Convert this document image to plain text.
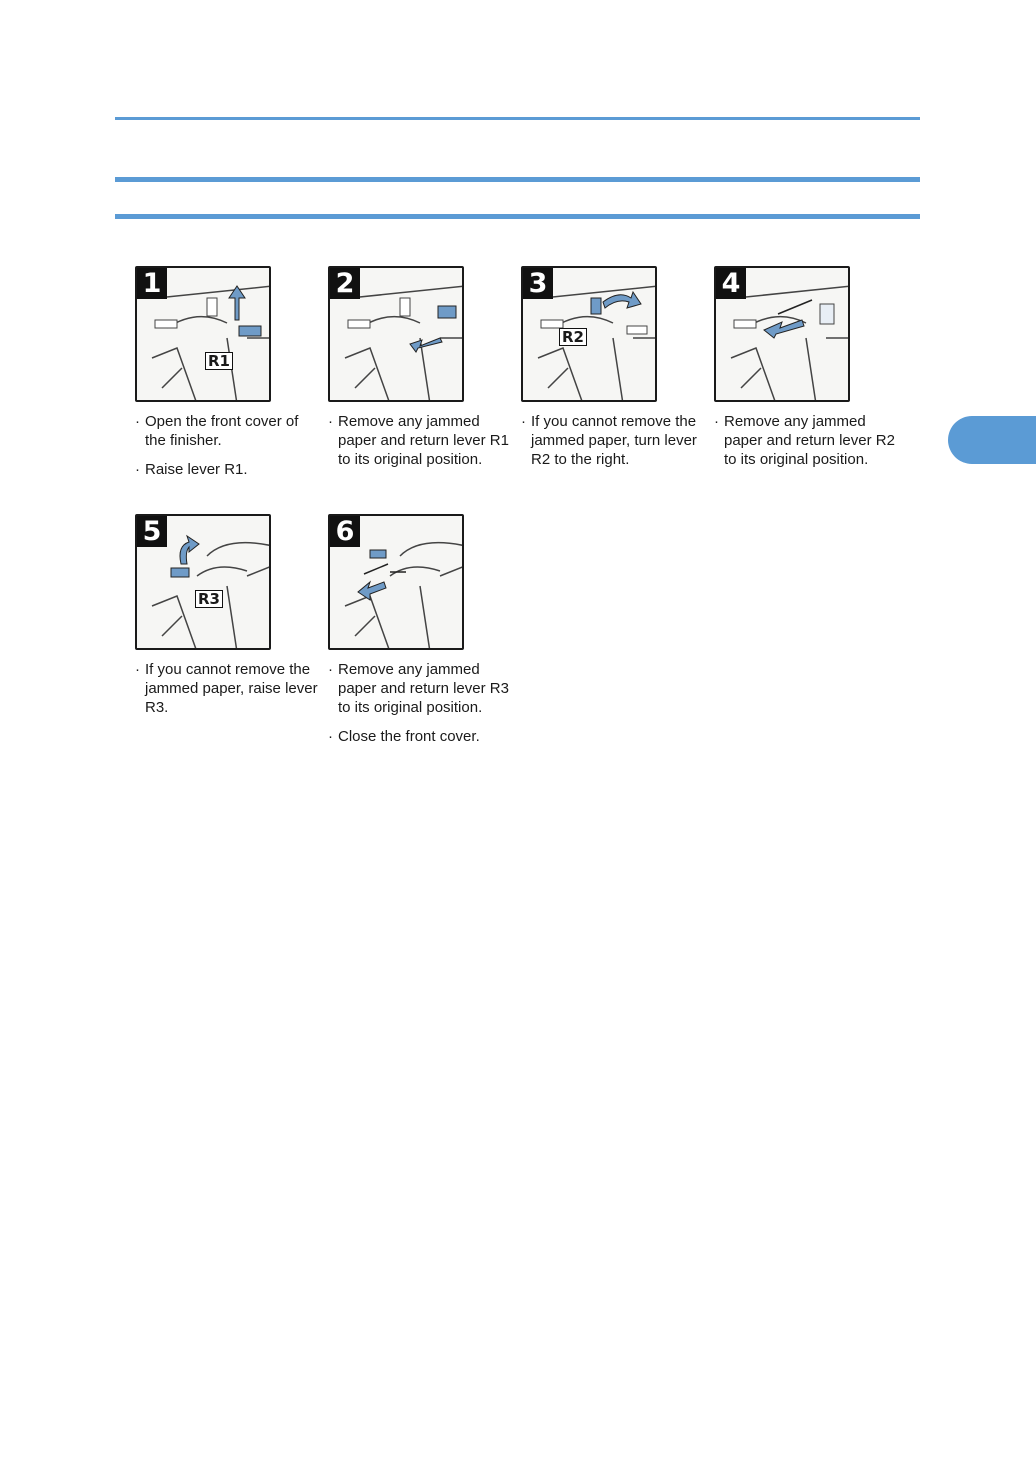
1
R1
· Open the front cover of the finisher.
· Raise lever R1.
2
· Remove any jammed paper and return lever R1 to its original position.
3
R2
· If you cannot remove the jammed paper, turn lever R2 to the right.
4
· Remove any jammed paper and return lever R2 to its original position.
5
R3
· If you cannot remove the jammed paper, raise lever R3.
6
· Remove any jammed paper and return lever R3 to its original position.
· Close the front cover.
